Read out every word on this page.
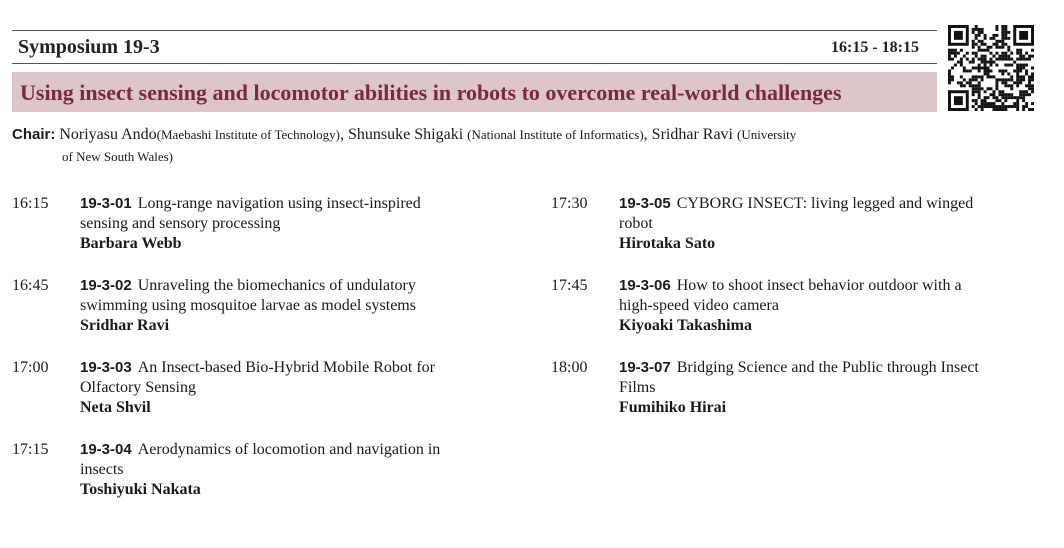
Symposium 19-3	16:15 - 18:15
Using insect sensing and locomotor abilities in robots to overcome real-world challenges
Chair: Noriyasu Ando(Maebashi Institute of Technology), Shunsuke Shigaki (National Institute of Informatics), Sridhar Ravi (University
of New South Wales)
16:15	19-3-01 Long-range navigation using insect-inspired
sensing and sensory processing
Barbara Webb
16:45	19-3-02 Unraveling the biomechanics of undulatory
swimming using mosquitoe larvae as model systems
Sridhar Ravi
17:00	19-3-03 An Insect-based Bio-Hybrid Mobile Robot for
Olfactory Sensing
Neta Shvil
17:15	19-3-04 Aerodynamics of locomotion and navigation in
insects
Toshiyuki Nakata
17:30	19-3-05 CYBORG INSECT: living legged and winged
robot
Hirotaka Sato
17:45	19-3-06 How to shoot insect behavior outdoor with a
high-speed video camera
Kiyoaki Takashima
18:00	19-3-07 Bridging Science and the Public through Insect
Films
Fumihiko Hirai
